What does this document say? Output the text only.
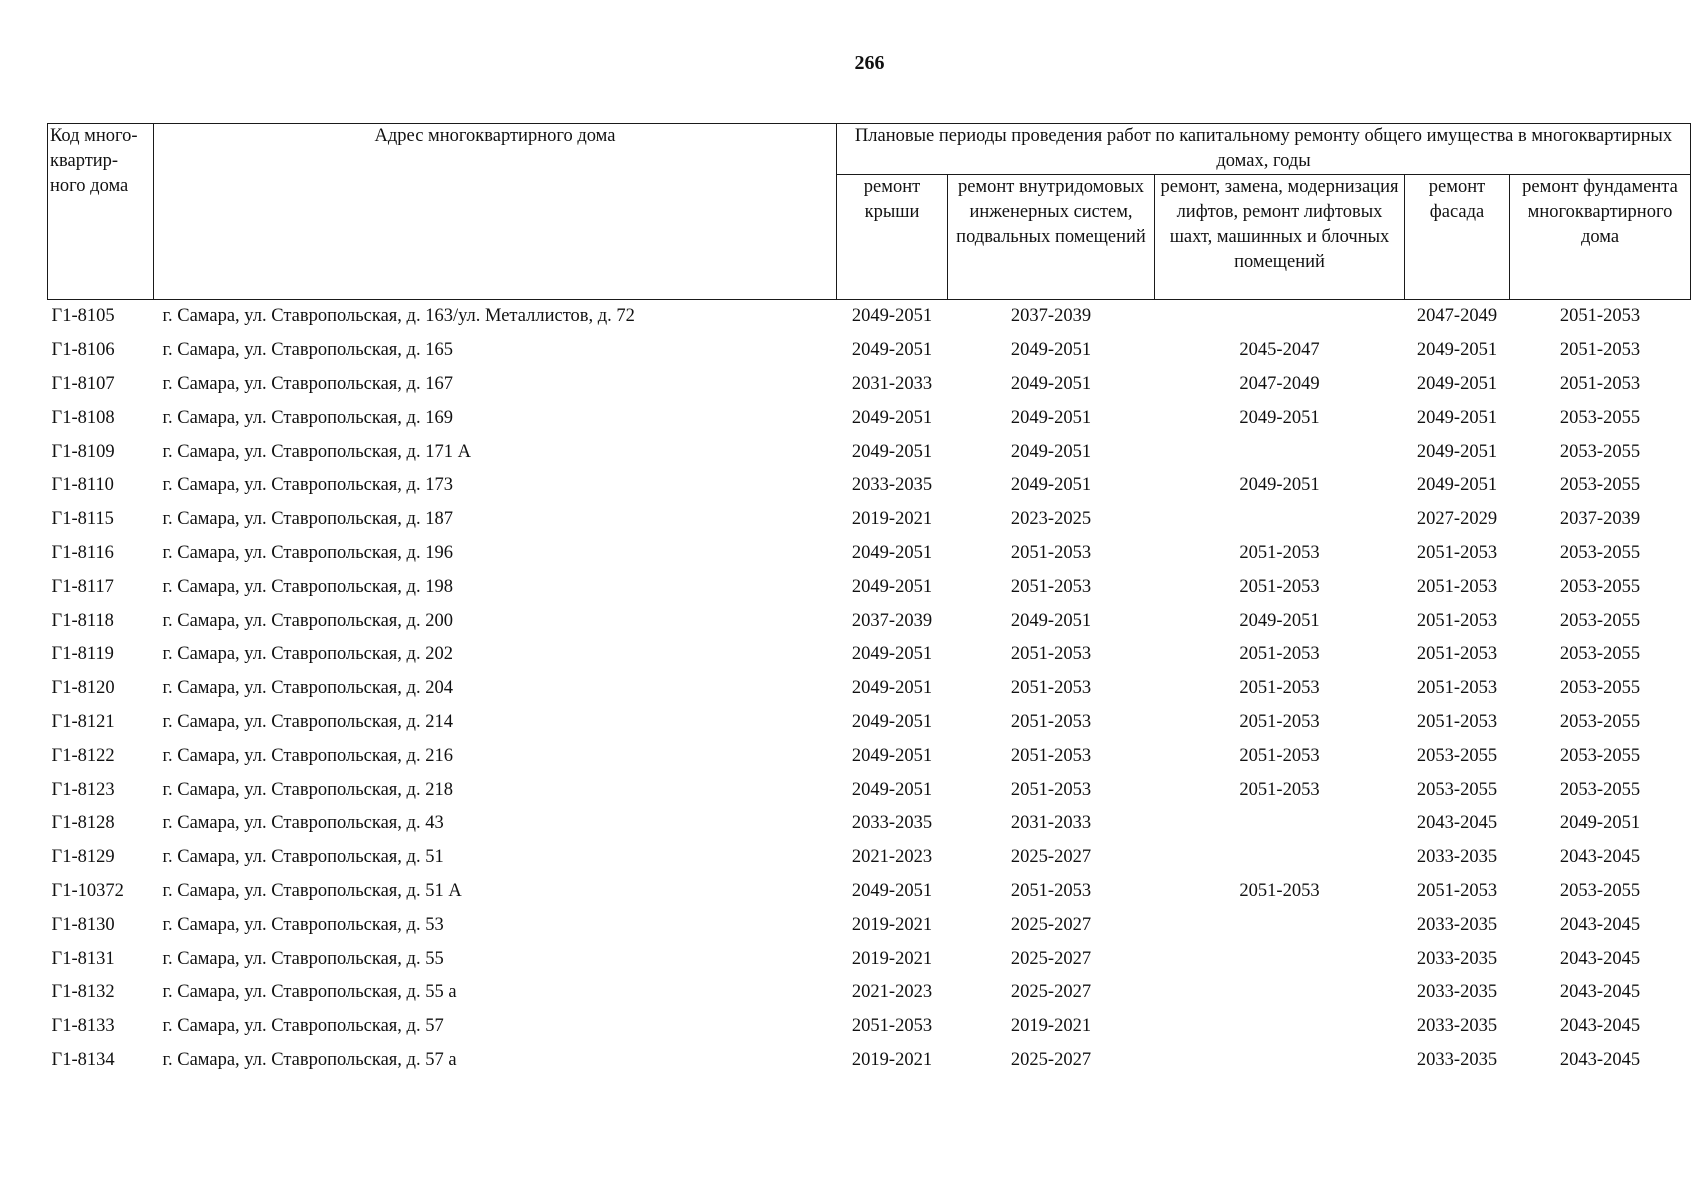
266
Код много-квартир-ного дома	Адрес многоквартирного дома	Плановые периоды проведения работ по капитальному ремонту общего имущества в многоквартирных домах, годы				
		ремонт крыши	ремонт внутридомовых инженерных систем, подвальных помещений	ремонт, замена, модернизация лифтов, ремонт лифтовых шахт, машинных и блочных помещений	ремонт фасада	ремонт фундамента многоквартирного дома
Г1-8105	г. Самара, ул. Ставропольская, д. 163/ул. Металлистов, д. 72	2049-2051	2037-2039		2047-2049	2051-2053
Г1-8106	г. Самара, ул. Ставропольская, д. 165	2049-2051	2049-2051	2045-2047	2049-2051	2051-2053
Г1-8107	г. Самара, ул. Ставропольская, д. 167	2031-2033	2049-2051	2047-2049	2049-2051	2051-2053
Г1-8108	г. Самара, ул. Ставропольская, д. 169	2049-2051	2049-2051	2049-2051	2049-2051	2053-2055
Г1-8109	г. Самара, ул. Ставропольская, д. 171 А	2049-2051	2049-2051		2049-2051	2053-2055
Г1-8110	г. Самара, ул. Ставропольская, д. 173	2033-2035	2049-2051	2049-2051	2049-2051	2053-2055
Г1-8115	г. Самара, ул. Ставропольская, д. 187	2019-2021	2023-2025		2027-2029	2037-2039
Г1-8116	г. Самара, ул. Ставропольская, д. 196	2049-2051	2051-2053	2051-2053	2051-2053	2053-2055
Г1-8117	г. Самара, ул. Ставропольская, д. 198	2049-2051	2051-2053	2051-2053	2051-2053	2053-2055
Г1-8118	г. Самара, ул. Ставропольская, д. 200	2037-2039	2049-2051	2049-2051	2051-2053	2053-2055
Г1-8119	г. Самара, ул. Ставропольская, д. 202	2049-2051	2051-2053	2051-2053	2051-2053	2053-2055
Г1-8120	г. Самара, ул. Ставропольская, д. 204	2049-2051	2051-2053	2051-2053	2051-2053	2053-2055
Г1-8121	г. Самара, ул. Ставропольская, д. 214	2049-2051	2051-2053	2051-2053	2051-2053	2053-2055
Г1-8122	г. Самара, ул. Ставропольская, д. 216	2049-2051	2051-2053	2051-2053	2053-2055	2053-2055
Г1-8123	г. Самара, ул. Ставропольская, д. 218	2049-2051	2051-2053	2051-2053	2053-2055	2053-2055
Г1-8128	г. Самара, ул. Ставропольская, д. 43	2033-2035	2031-2033		2043-2045	2049-2051
Г1-8129	г. Самара, ул. Ставропольская, д. 51	2021-2023	2025-2027		2033-2035	2043-2045
Г1-10372	г. Самара, ул. Ставропольская, д. 51 А	2049-2051	2051-2053	2051-2053	2051-2053	2053-2055
Г1-8130	г. Самара, ул. Ставропольская, д. 53	2019-2021	2025-2027		2033-2035	2043-2045
Г1-8131	г. Самара, ул. Ставропольская, д. 55	2019-2021	2025-2027		2033-2035	2043-2045
Г1-8132	г. Самара, ул. Ставропольская, д. 55 а	2021-2023	2025-2027		2033-2035	2043-2045
Г1-8133	г. Самара, ул. Ставропольская, д. 57	2051-2053	2019-2021		2033-2035	2043-2045
Г1-8134	г. Самара, ул. Ставропольская, д. 57 а	2019-2021	2025-2027		2033-2035	2043-2045
